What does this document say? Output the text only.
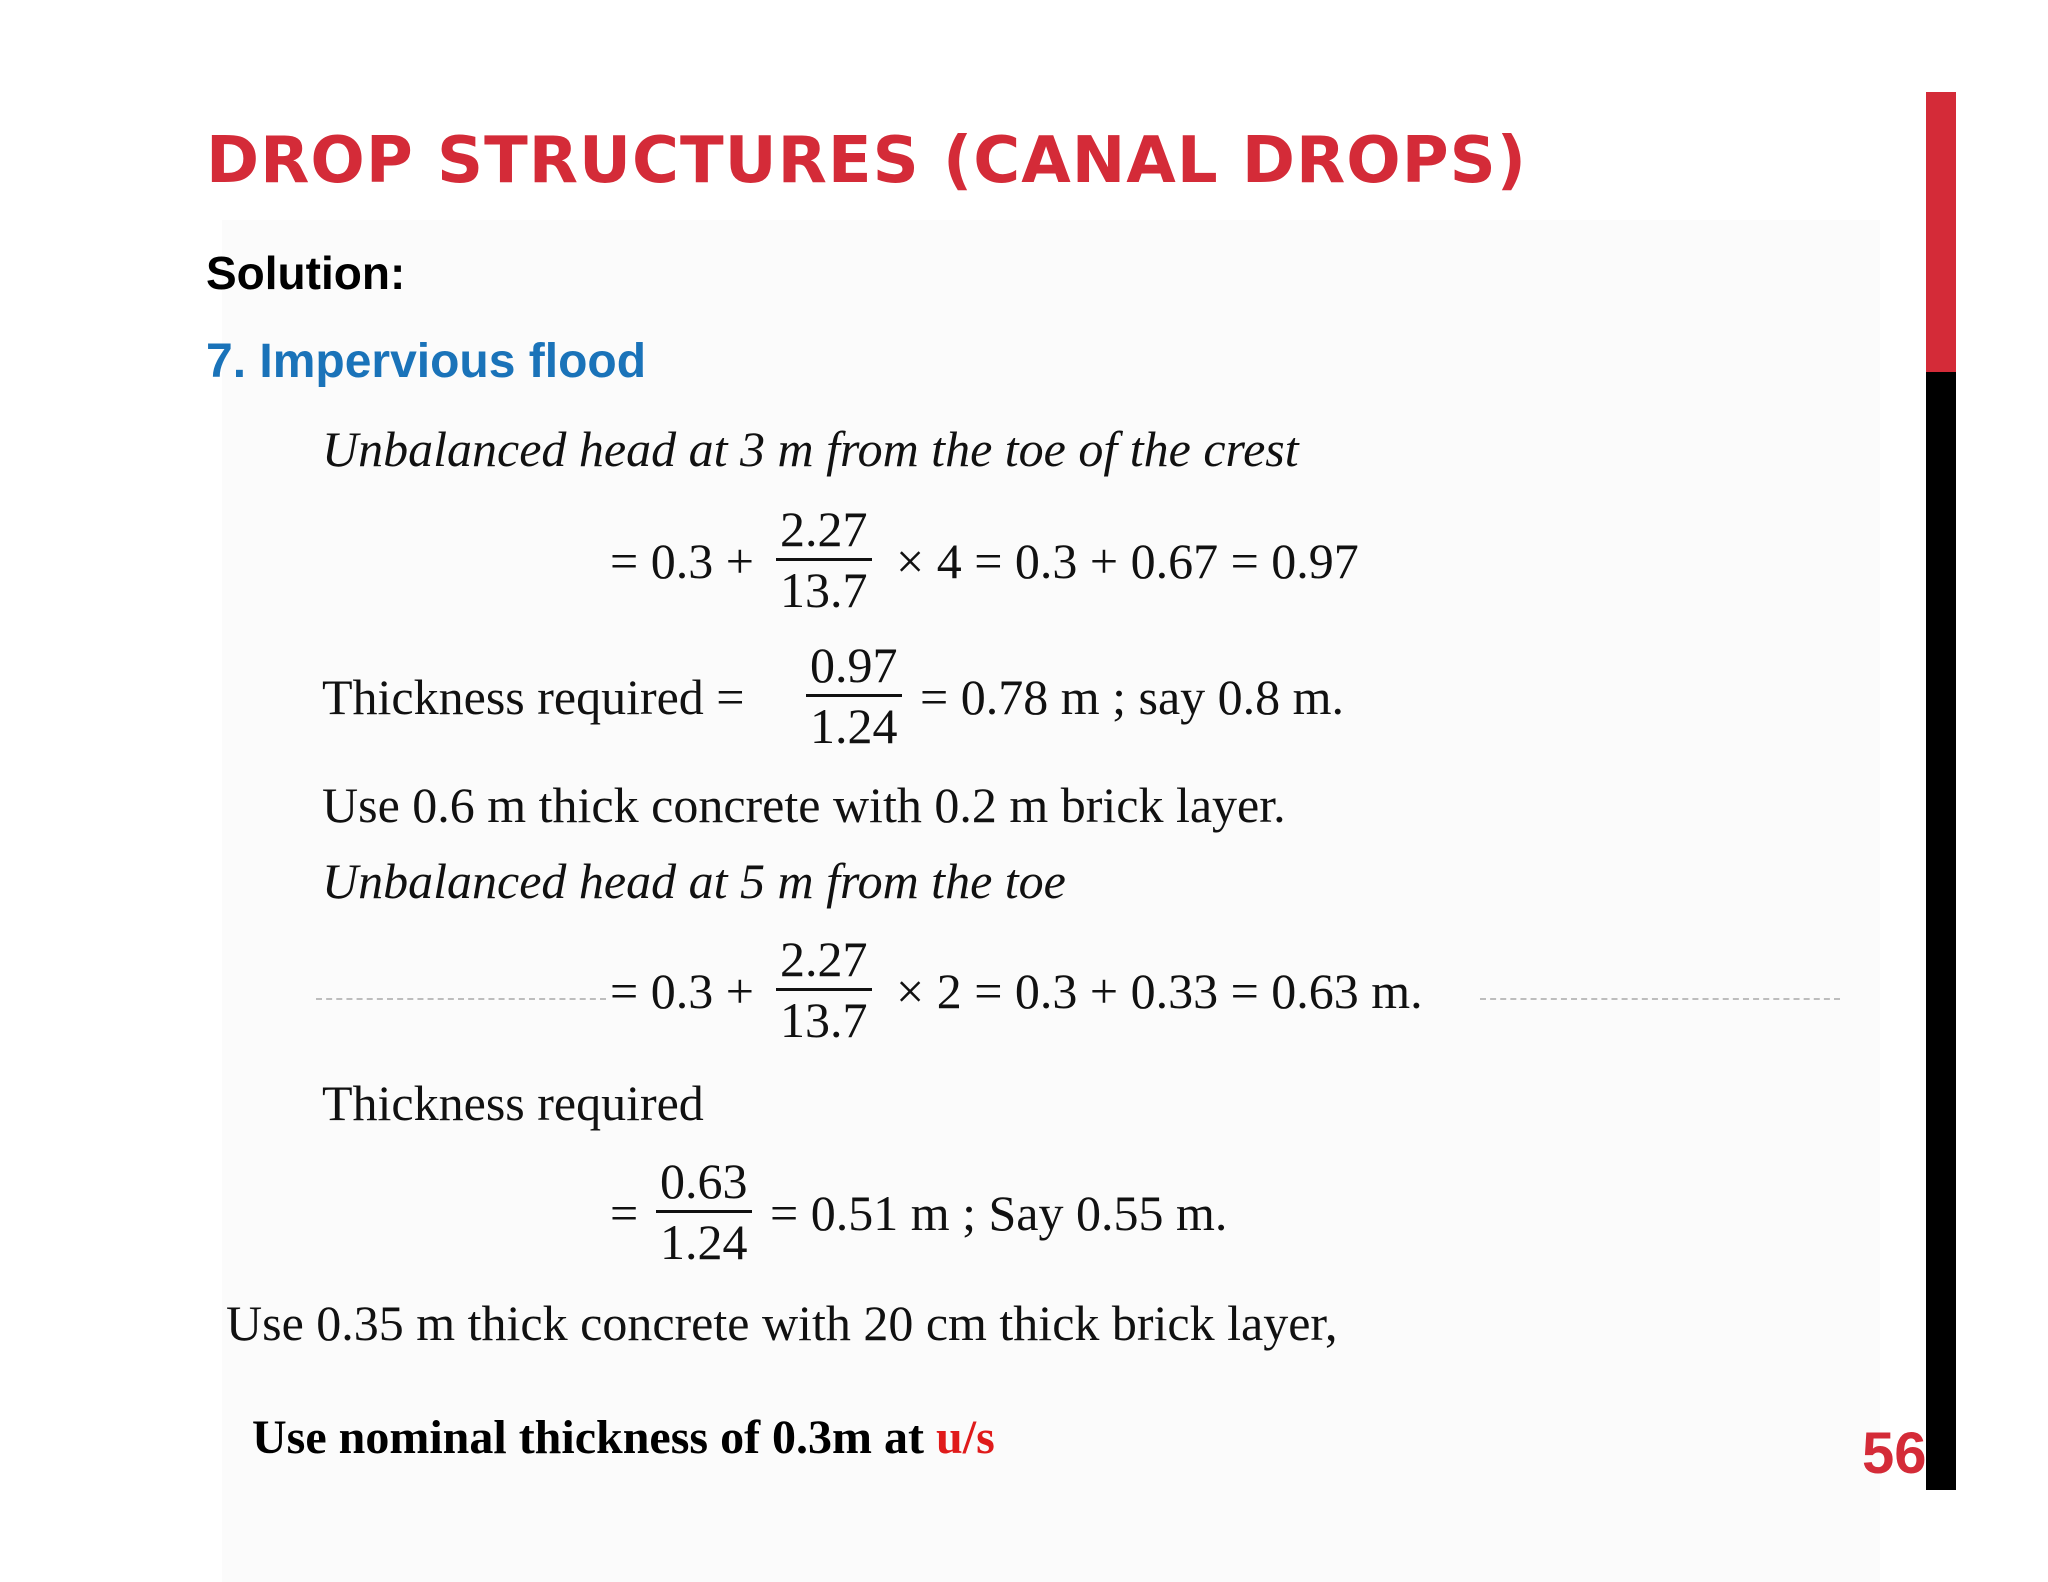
DROP STRUCTURES (CANAL DROPS)
Solution:
7. Impervious flood
Unbalanced head at 3 m from the toe of the crest
= $0.3 + \frac{2.27}{13.7} \times 4 = 0.3 + 0.67 = 0.97$
Thickness required = $\frac{0.97}{1.24} = 0.78$ m ; say 0.8 m.
Use 0.6 m thick concrete with 0.2 m brick layer.
Unbalanced head at 5 m from the toe
= $0.3 + \frac{2.27}{13.7} \times 2 = 0.3 + 0.33 = 0.63$ m.
Thickness required
= $\frac{0.63}{1.24} = 0.51$ m ; Say 0.55 m.
Use 0.35 m thick concrete with 20 cm thick brick layer,
Use nominal thickness of 0.3m at u/s	56
